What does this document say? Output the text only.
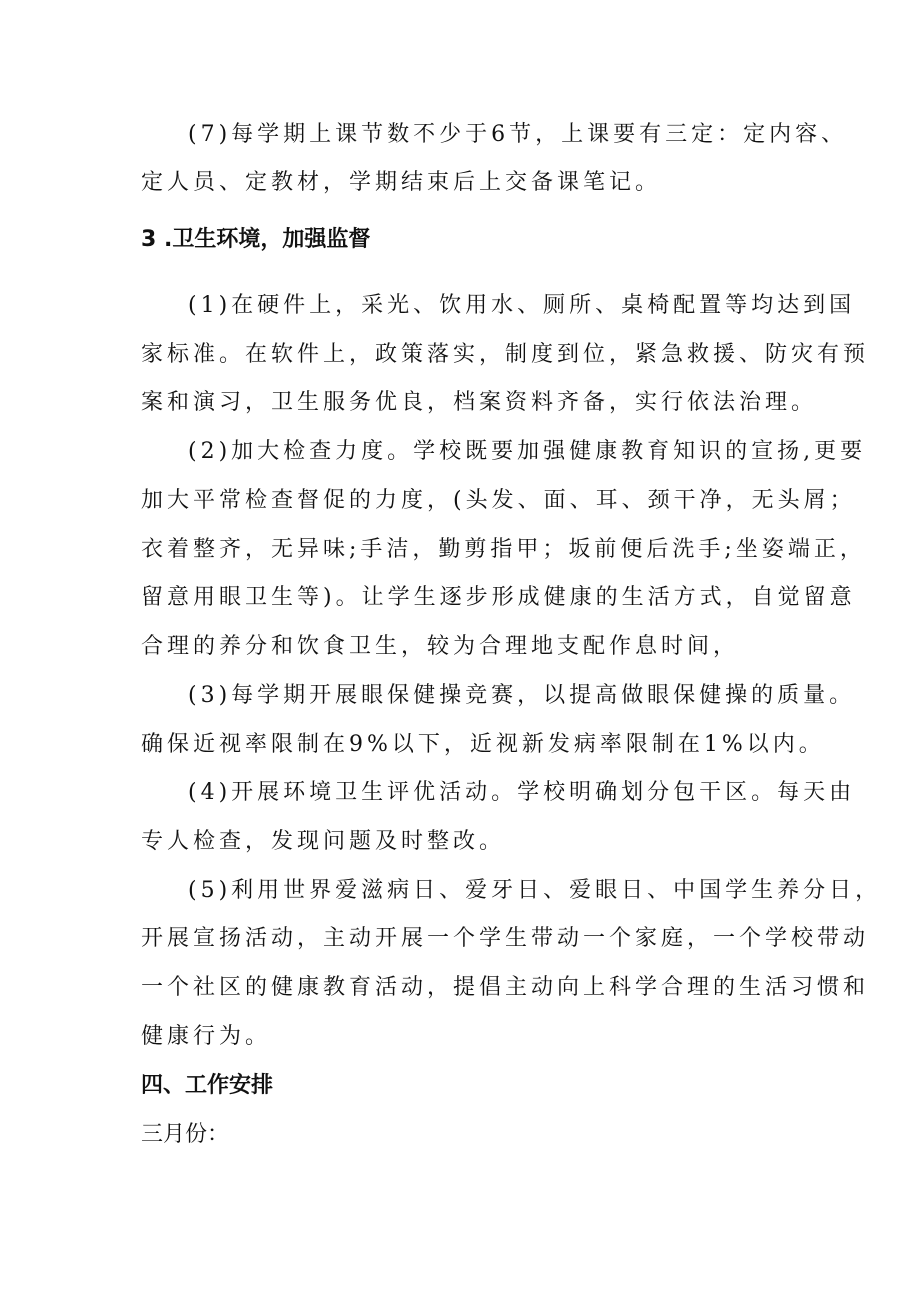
(7)每学期上课节数不少于6节，上课要有三定：定内容、
定人员、定教材，学期结束后上交备课笔记。
3 .卫生环境，加强监督
(1)在硬件上，采光、饮用水、厕所、桌椅配置等均达到国
家标准。在软件上，政策落实，制度到位，紧急救援、防灾有预
案和演习，卫生服务优良，档案资料齐备，实行依法治理。
(2)加大检查力度。学校既要加强健康教育知识的宣扬,更要
加大平常检查督促的力度，(头发、面、耳、颈干净，无头屑；
衣着整齐，无异味;手洁，勤剪指甲；坂前便后洗手;坐姿端正，
留意用眼卫生等)。让学生逐步形成健康的生活方式，自觉留意
合理的养分和饮食卫生，较为合理地支配作息时间，
(3)每学期开展眼保健操竞赛，以提高做眼保健操的质量。
确保近视率限制在9%以下，近视新发病率限制在1%以内。
(4)开展环境卫生评优活动。学校明确划分包干区。每天由
专人检查，发现问题及时整改。
(5)利用世界爱滋病日、爱牙日、爱眼日、中国学生养分日，
开展宣扬活动，主动开展一个学生带动一个家庭，一个学校带动
一个社区的健康教育活动，提倡主动向上科学合理的生活习惯和
健康行为。
四、工作安排
三月份：
